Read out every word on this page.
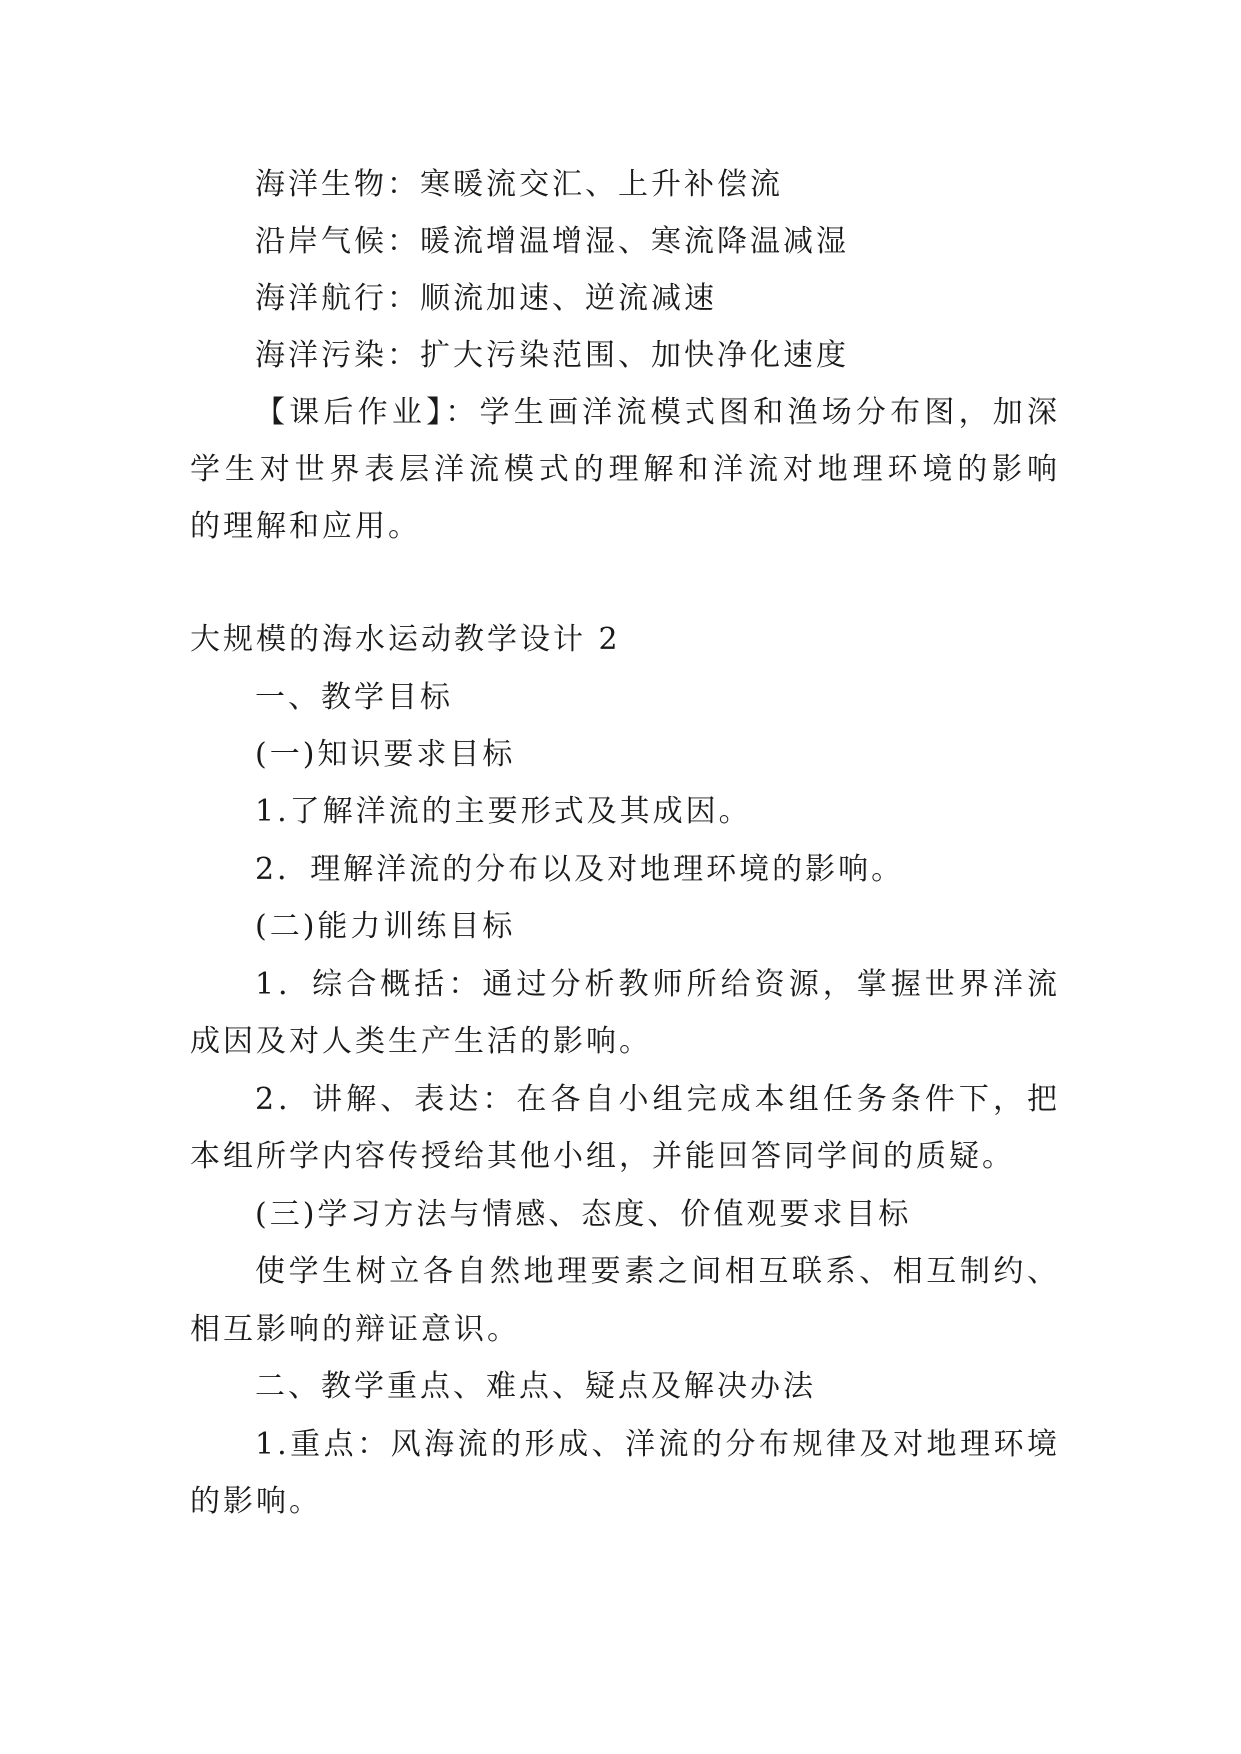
海洋生物：寒暖流交汇、上升补偿流
沿岸气候：暖流增温增湿、寒流降温减湿
海洋航行：顺流加速、逆流减速
海洋污染：扩大污染范围、加快净化速度
【课后作业】：学生画洋流模式图和渔场分布图，加深
学生对世界表层洋流模式的理解和洋流对地理环境的影响
的理解和应用。
大规模的海水运动教学设计 2
一、教学目标
(一)知识要求目标
1.了解洋流的主要形式及其成因。
2．理解洋流的分布以及对地理环境的影响。
(二)能力训练目标
1．综合概括：通过分析教师所给资源，掌握世界洋流
成因及对人类生产生活的影响。
2．讲解、表达：在各自小组完成本组任务条件下，把
本组所学内容传授给其他小组，并能回答同学间的质疑。
(三)学习方法与情感、态度、价值观要求目标
使学生树立各自然地理要素之间相互联系、相互制约、
相互影响的辩证意识。
二、教学重点、难点、疑点及解决办法
1.重点：风海流的形成、洋流的分布规律及对地理环境
的影响。
